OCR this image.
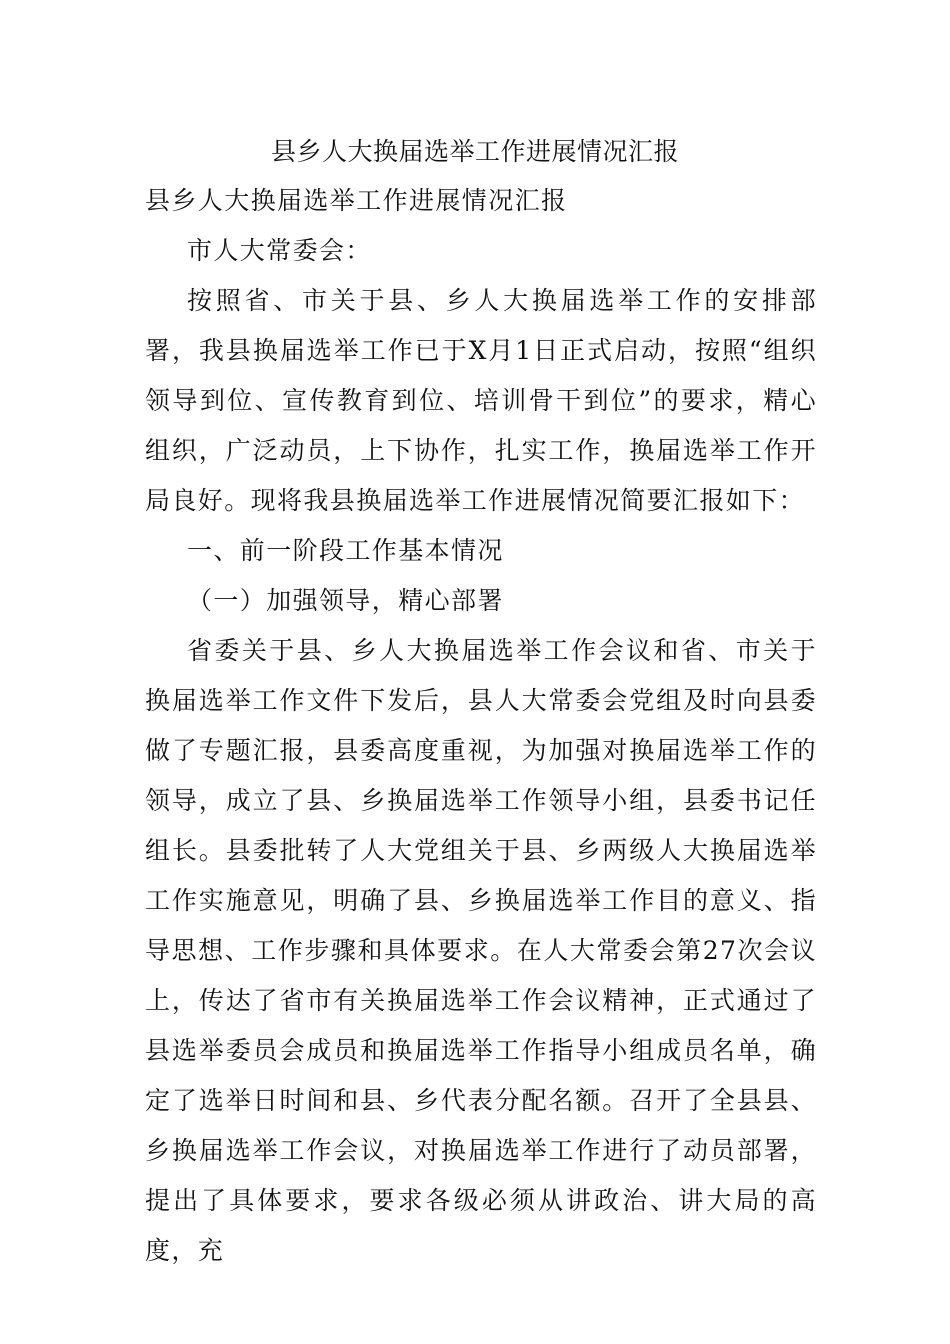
县乡人大换届选举工作进展情况汇报

县乡人大换届选举工作进展情况汇报

市人大常委会：

按照省、市关于县、乡人大换届选举工作的安排部署，我县换届选举工作已于X月1日正式启动，按照“组织领导到位、宣传教育到位、培训骨干到位”的要求，精心组织，广泛动员，上下协作，扎实工作，换届选举工作开局良好。现将我县换届选举工作进展情况简要汇报如下：

一、前一阶段工作基本情况

（一）加强领导，精心部署

省委关于县、乡人大换届选举工作会议和省、市关于换届选举工作文件下发后，县人大常委会党组及时向县委做了专题汇报，县委高度重视，为加强对换届选举工作的领导，成立了县、乡换届选举工作领导小组，县委书记任组长。县委批转了人大党组关于县、乡两级人大换届选举工作实施意见，明确了县、乡换届选举工作目的意义、指导思想、工作步骤和具体要求。在人大常委会第27次会议上，传达了省市有关换届选举工作会议精神，正式通过了县选举委员会成员和换届选举工作指导小组成员名单，确定了选举日时间和县、乡代表分配名额。召开了全县县、乡换届选举工作会议，对换届选举工作进行了动员部署，提出了具体要求，要求各级必须从讲政治、讲大局的高度，充
